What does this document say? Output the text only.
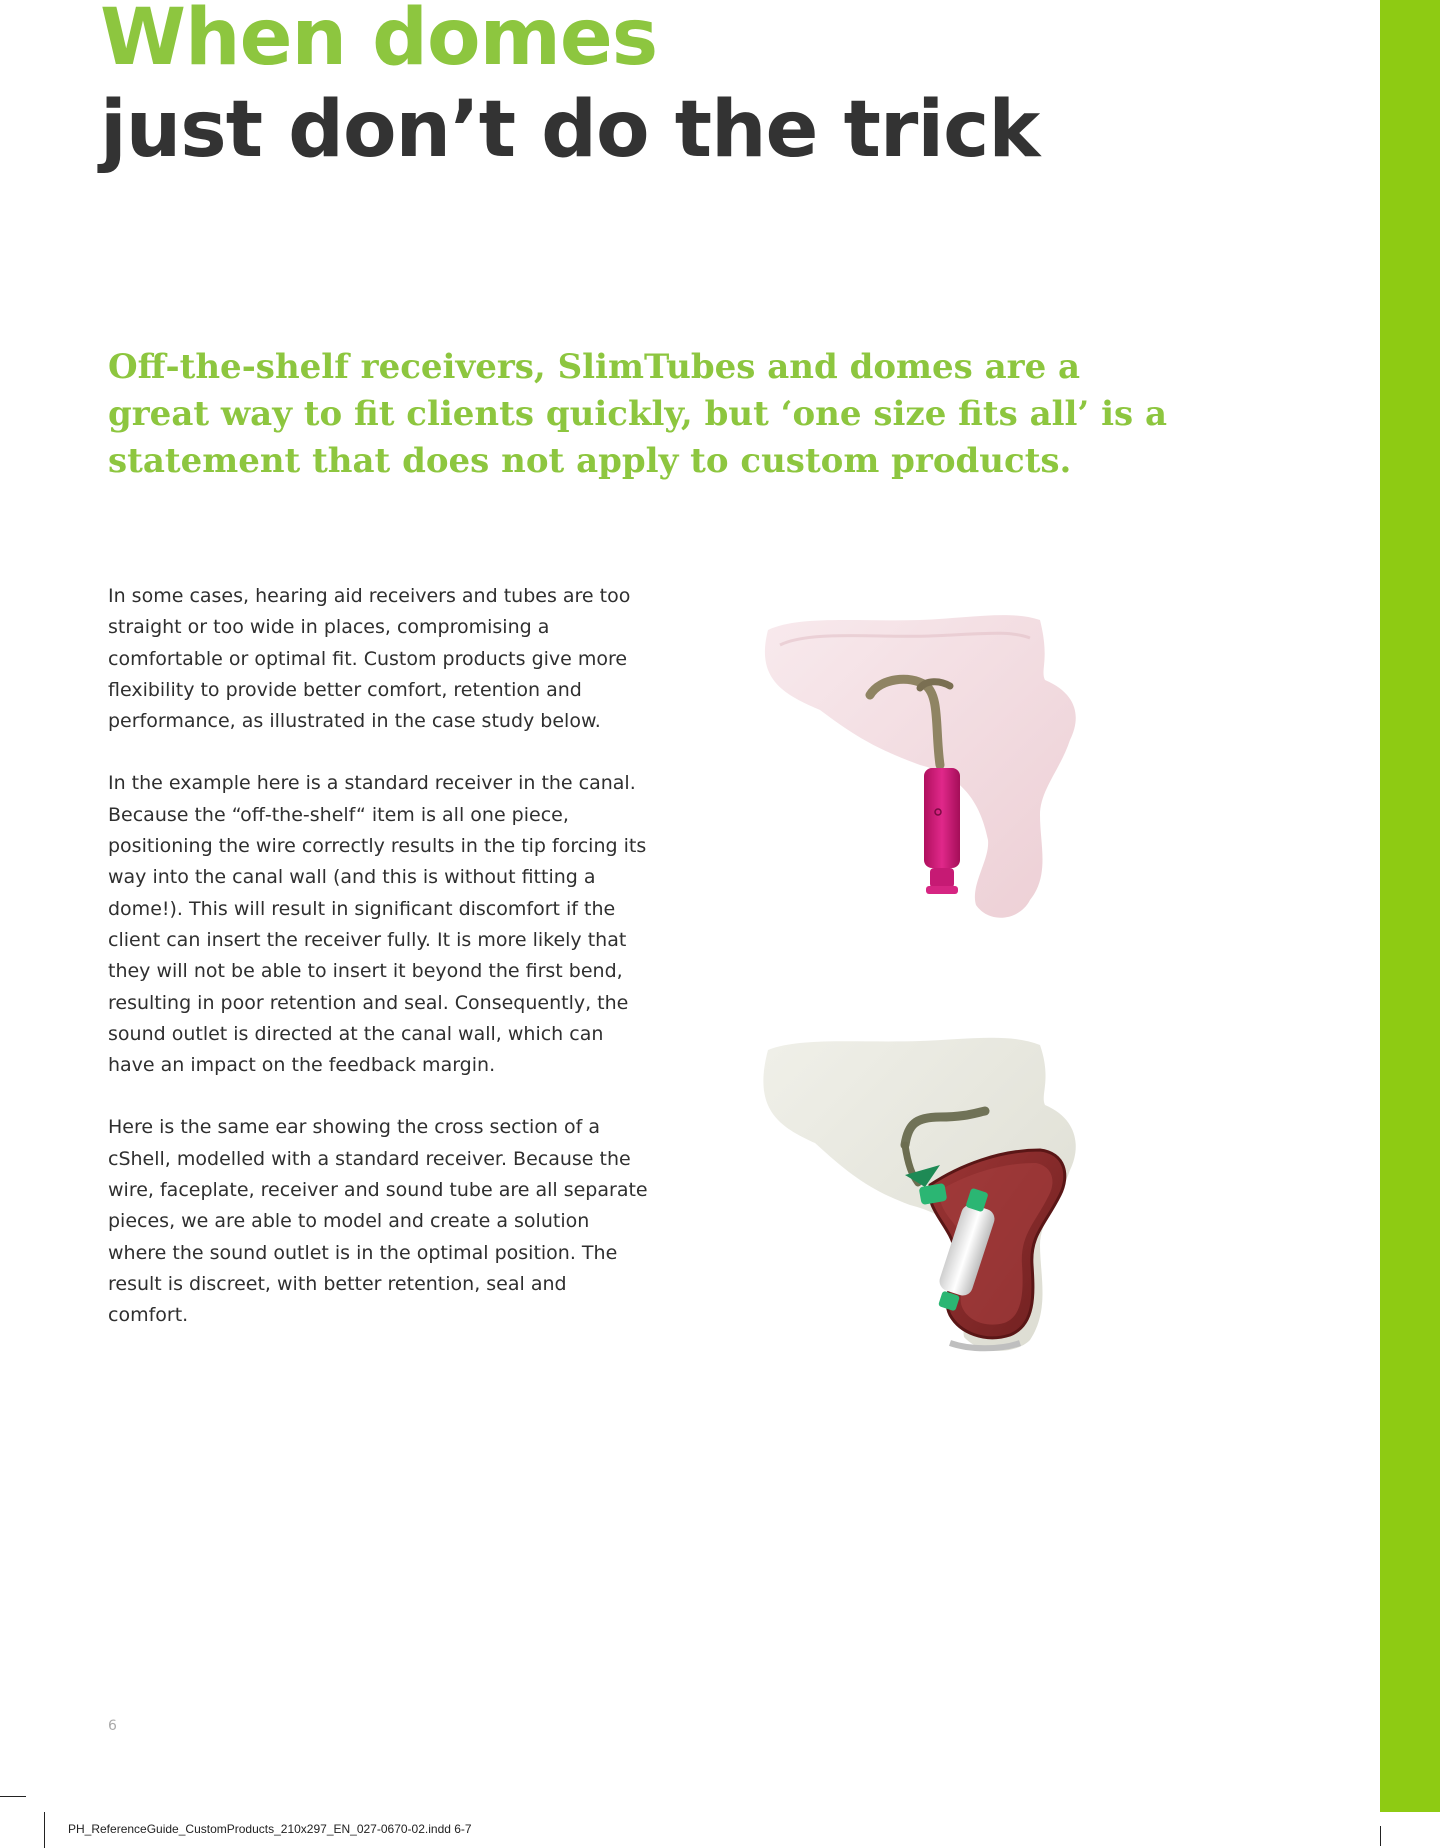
When domes
just don’t do the trick

Off-the-shelf receivers, SlimTubes and domes are a great way to fit clients quickly, but ‘one size fits all’ is a statement that does not apply to custom products.

In some cases, hearing aid receivers and tubes are too straight or too wide in places, compromising a comfortable or optimal fit. Custom products give more flexibility to provide better comfort, retention and performance, as illustrated in the case study below.

In the example here is a standard receiver in the canal. Because the “off-the-shelf“ item is all one piece, positioning the wire correctly results in the tip forcing its way into the canal wall (and this is without fitting a dome!). This will result in significant discomfort if the client can insert the receiver fully. It is more likely that they will not be able to insert it beyond the first bend, resulting in poor retention and seal. Consequently, the sound outlet is directed at the canal wall, which can have an impact on the feedback margin.

Here is the same ear showing the cross section of a cShell, modelled with a standard receiver. Because the wire, faceplate, receiver and sound tube are all separate pieces, we are able to model and create a solution where the sound outlet is in the optimal position. The result is discreet, with better retention, seal and comfort.

6
PH_ReferenceGuide_CustomProducts_210x297_EN_027-0670-02.indd 6-7
